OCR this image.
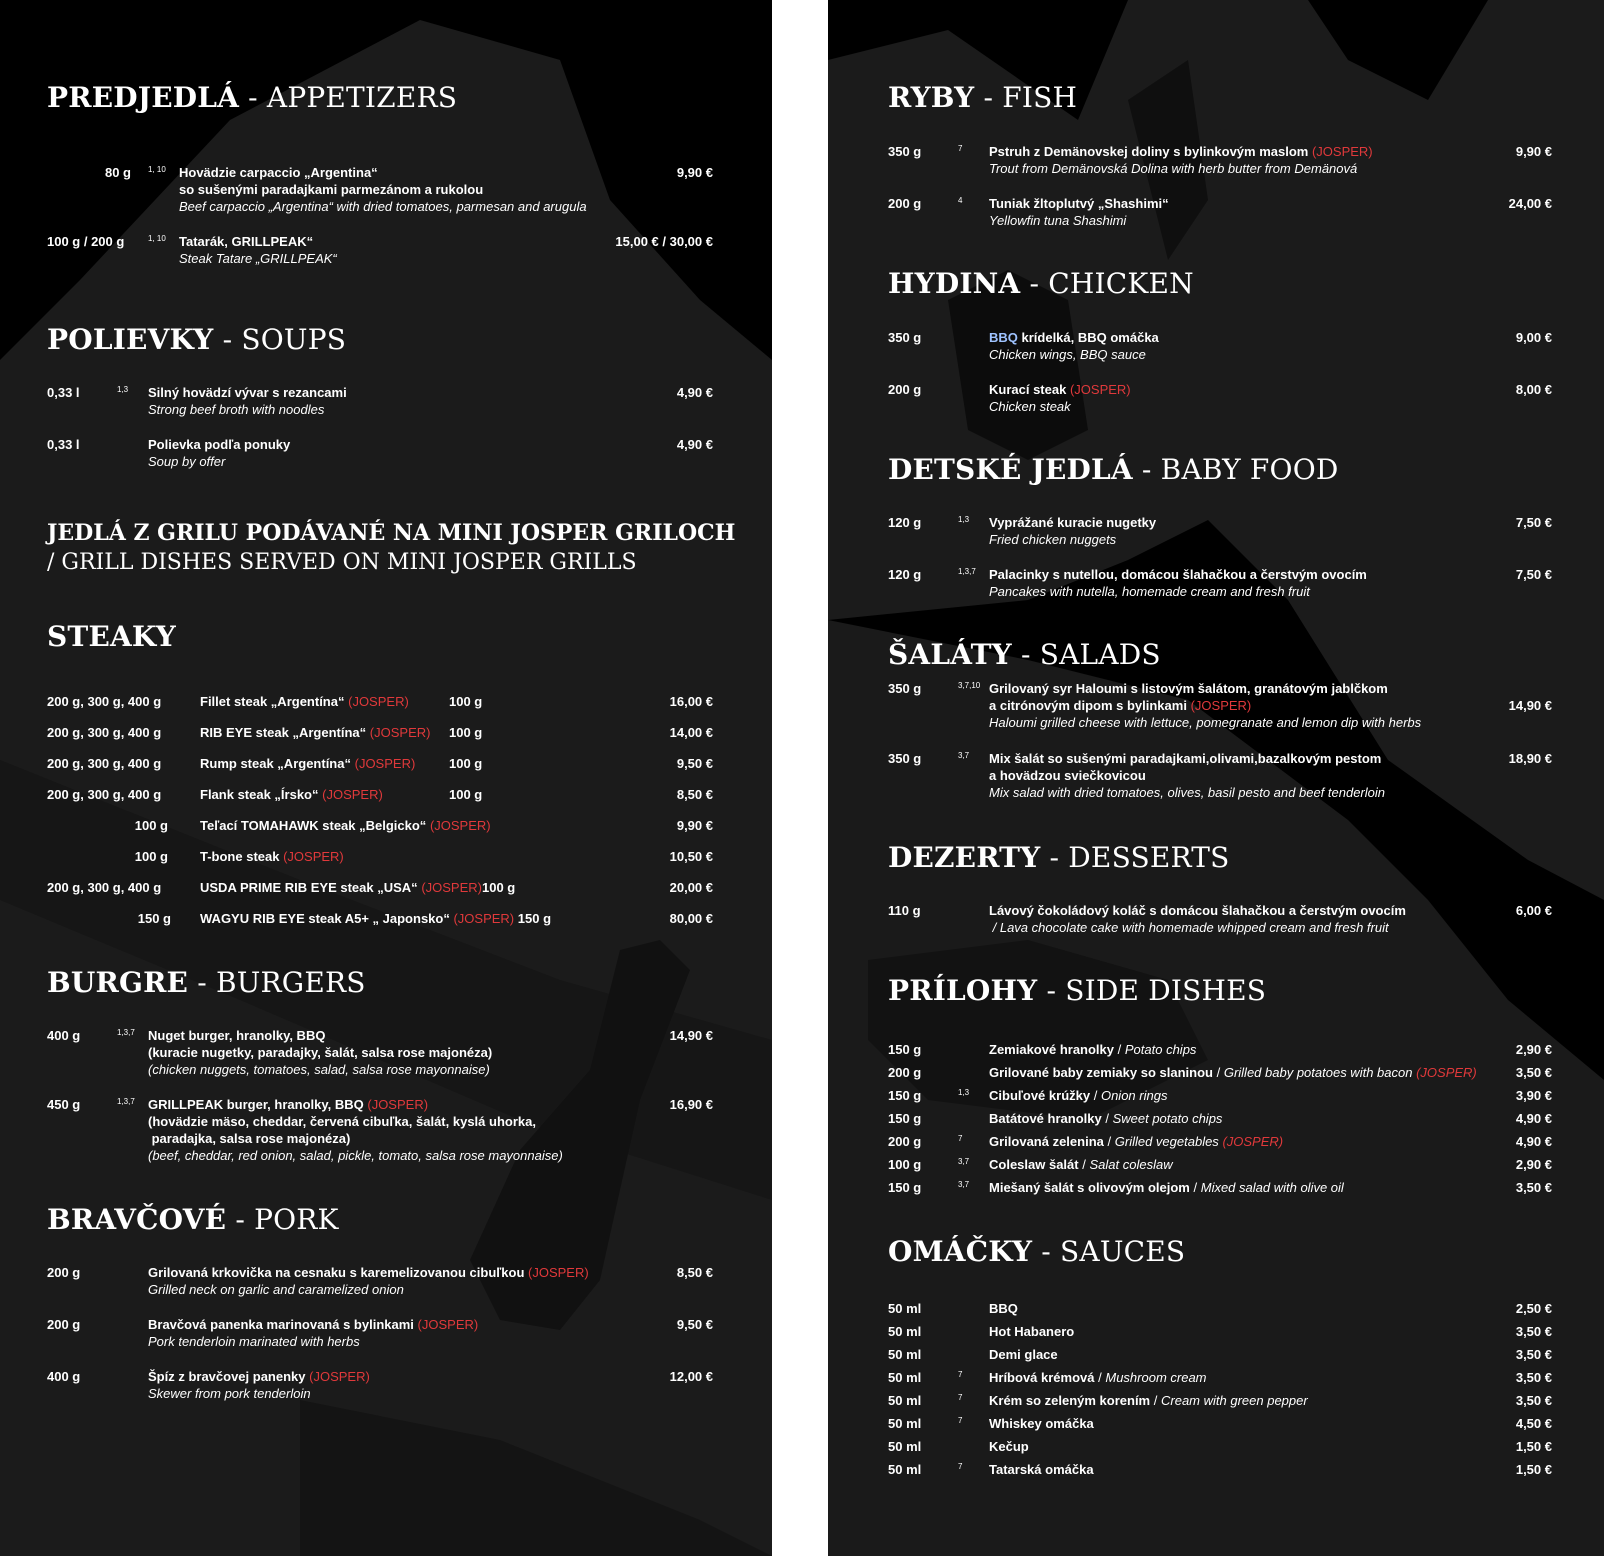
PREDJEDLÁ - APPETIZERS
80 g 1, 10 Hovädzie carpaccio „Argentina“
so sušenými paradajkami parmezánom a rukolou
Beef carpaccio „Argentina“ with dried tomatoes, parmesan and arugula
9,90 €
100 g / 200 g	1, 10 Tatarák, GRILLPEAK“
Steak Tatare „GRILLPEAK“
15,00 € / 30,00 €
POLIEVKY - SOUPS
0,33 l	1,3 Silný hovädzí vývar s rezancami
Strong beef broth with noodles
4,90 €
0,33 l	Polievka podľa ponuky
Soup by offer
4,90 €
JEDLÁ Z GRILU PODÁVANÉ NA MINI JOSPER GRILOCH
/ GRILL DISHES SERVED ON MINI JOSPER GRILLS
STEAKY
200 g, 300 g, 400 g	Fillet steak „Argentína“ (JOSPER)	100 g	16,00 €
200 g, 300 g, 400 g	RIB EYE steak „Argentína“ (JOSPER) 100 g	14,00 €
200 g, 300 g, 400 g	Rump steak „Argentína“ (JOSPER)	100 g	9,50 €
200 g, 300 g, 400 g	Flank steak „Írsko“ (JOSPER)	100 g	8,50 €
100 g Teľací TOMAHAWK steak „Belgicko“ (JOSPER)	9,90 €
100 g T-bone steak (JOSPER)	10,50 €
200 g, 300 g, 400 g	USDA PRIME RIB EYE steak „USA“ (JOSPER)100 g	20,00 €
150 g WAGYU RIB EYE steak A5+ „ Japonsko“ (JOSPER) 150 g	80,00 €
BURGRE - BURGERS
400 g	1,3,7 Nuget burger, hranolky, BBQ
(kuracie nugetky, paradajky, šalát, salsa rose majonéza)
(chicken nuggets, tomatoes, salad, salsa rose mayonnaise)
14,90 €
450 g	1,3,7 GRILLPEAK burger, hranolky, BBQ (JOSPER)
(hovädzie mäso, cheddar, červená cibuľka, šalát, kyslá uhorka,
paradajka, salsa rose majonéza)
(beef, cheddar, red onion, salad, pickle, tomato, salsa rose mayonnaise)
16,90 €
BRAVČOVÉ - PORK
200 g	Grilovaná krkovička na cesnaku s karemelizovanou cibuľkou (JOSPER)
Grilled neck on garlic and caramelized onion
8,50 €
200 g	Bravčová panenka marinovaná s bylinkami (JOSPER)
Pork tenderloin marinated with herbs
9,50 €
400 g	Špíz z bravčovej panenky (JOSPER)
Skewer from pork tenderloin
12,00 €
RYBY - FISH
350 g	7 Pstruh z Demänovskej doliny s bylinkovým maslom (JOSPER)
Trout from Demänovská Dolina with herb butter from Demänová
9,90 €
200 g	4 Tuniak žltoplutvý „Shashimi“
Yellowfin tuna Shashimi
24,00 €
HYDINA - CHICKEN
350 g	BBQ krídelká, BBQ omáčka
Chicken wings, BBQ sauce
9,00 €
200 g	Kurací steak (JOSPER)
Chicken steak
8,00 €
DETSKÉ JEDLÁ - BABY FOOD
120 g	1,3 Vyprážané kuracie nugetky
Fried chicken nuggets
7,50 €
120 g	1,3,7 Palacinky s nutellou, domácou šlahačkou a čerstvým ovocím
Pancakes with nutella, homemade cream and fresh fruit
7,50 €
ŠALÁTY - SALADS
350 g	3,7,10 Grilovaný syr Haloumi s listovým šalátom, granátovým jablčkom
a citrónovým dipom s bylinkami (JOSPER)
Haloumi grilled cheese with lettuce, pomegranate and lemon dip with herbs
14,90 €
350 g	3,7 Mix šalát so sušenými paradajkami,olivami,bazalkovým pestom
a hovädzou sviečkovicou
Mix salad with dried tomatoes, olives, basil pesto and beef tenderloin
18,90 €
DEZERTY - DESSERTS
110 g	Lávový čokoládový koláč s domácou šlahačkou a čerstvým ovocím
/ Lava chocolate cake with homemade whipped cream and fresh fruit
6,00 €
PRÍLOHY - SIDE DISHES
150 g	Zemiakové hranolky / Potato chips	2,90 €
200 g	Grilované baby zemiaky so slaninou / Grilled baby potatoes with bacon (JOSPER)	3,50 €
150 g	1,3 Cibuľové krúžky / Onion rings	3,90 €
150 g	Batátové hranolky / Sweet potato chips	4,90 €
200 g	7 Grilovaná zelenina / Grilled vegetables (JOSPER)	4,90 €
100 g	3,7 Coleslaw šalát / Salat coleslaw	2,90 €
150 g	3,7 Miešaný šalát s olivovým olejom / Mixed salad with olive oil	3,50 €
OMÁČKY - SAUCES
50 ml	BBQ	2,50 €
50 ml	Hot Habanero	3,50 €
50 ml	Demi glace	3,50 €
50 ml	7 Hríbová krémová / Mushroom cream	3,50 €
50 ml	7 Krém so zeleným korením / Cream with green pepper	3,50 €
50 ml	7 Whiskey omáčka	4,50 €
50 ml	Kečup	1,50 €
50 ml	7 Tatarská omáčka	1,50 €
